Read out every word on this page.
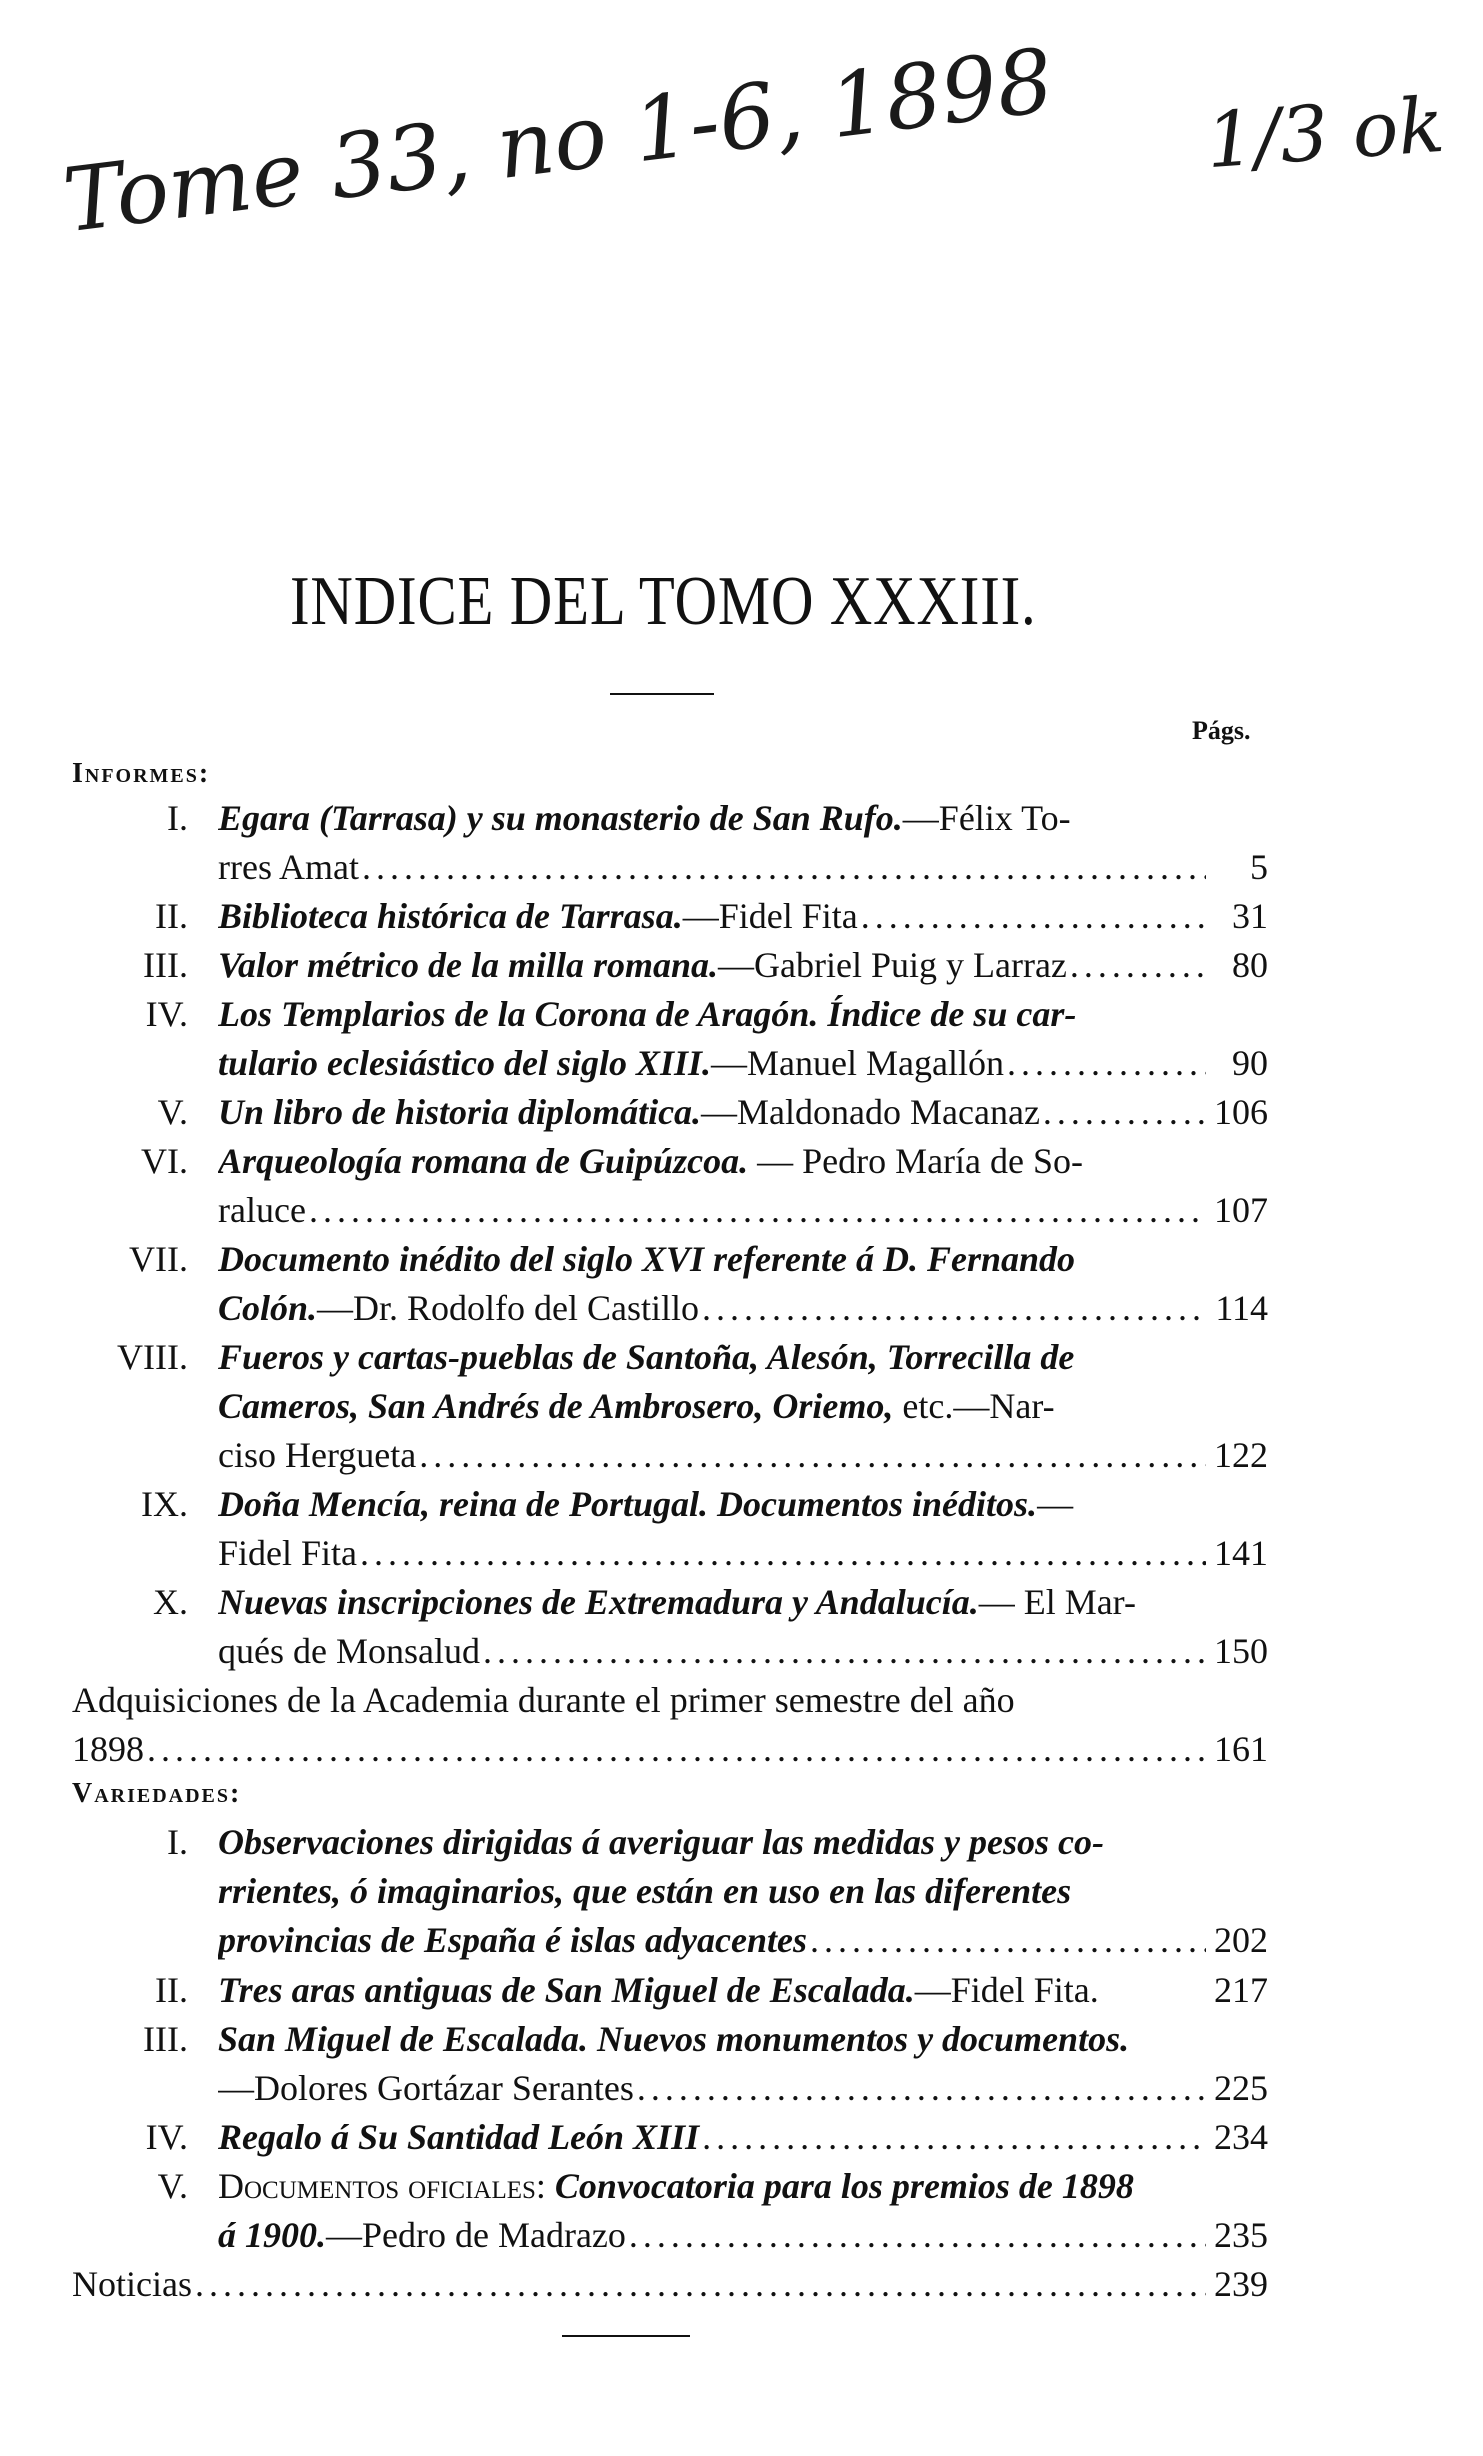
Tome 33, no 1-6, 1898 1/3 ok
INDICE DEL TOMO XXXIII.
Págs.
Informes:
I. Egara (Tarrasa) y su monasterio de San Rufo.—Félix To-
rres Amat . . .	5
II. Biblioteca histórica de Tarrasa.—Fidel Fita . . .	31
III. Valor métrico de la milla romana.—Gabriel Puig y Larraz . . .	80
IV. Los Templarios de la Corona de Aragón. Índice de su car-
tulario eclesiástico del siglo XIII.—Manuel Magallón . . .	90
V. Un libro de historia diplomática.—Maldonado Macanaz . . .	106
VI. Arqueología romana de Guipúzcoa. — Pedro María de So-
raluce . . .	107
VII. Documento inédito del siglo XVI referente á D. Fernando
Colón.—Dr. Rodolfo del Castillo . . .	114
VIII. Fueros y cartas-pueblas de Santoña, Alesón, Torrecilla de
Cameros, San Andrés de Ambrosero, Oriemo, etc.—Nar-
ciso Hergueta . . .	122
IX. Doña Mencía, reina de Portugal. Documentos inéditos.—
Fidel Fita . . .	141
X. Nuevas inscripciones de Extremadura y Andalucía.— El Mar-
qués de Monsalud . . .	150
Adquisiciones de la Academia durante el primer semestre del año
1898 . . .	161
Variedades:
I. Observaciones dirigidas á averiguar las medidas y pesos co-
rrientes, ó imaginarios, que están en uso en las diferentes
provincias de España é islas adyacentes . . .	202
II. Tres aras antiguas de San Miguel de Escalada.—Fidel Fita.	217
III. San Miguel de Escalada. Nuevos monumentos y documentos.
—Dolores Gortázar Serantes . . .	225
IV. Regalo á Su Santidad León XIII . . .	234
V. Documentos oficiales: Convocatoria para los premios de 1898
á 1900.—Pedro de Madrazo . . .	235
Noticias . . .	239
